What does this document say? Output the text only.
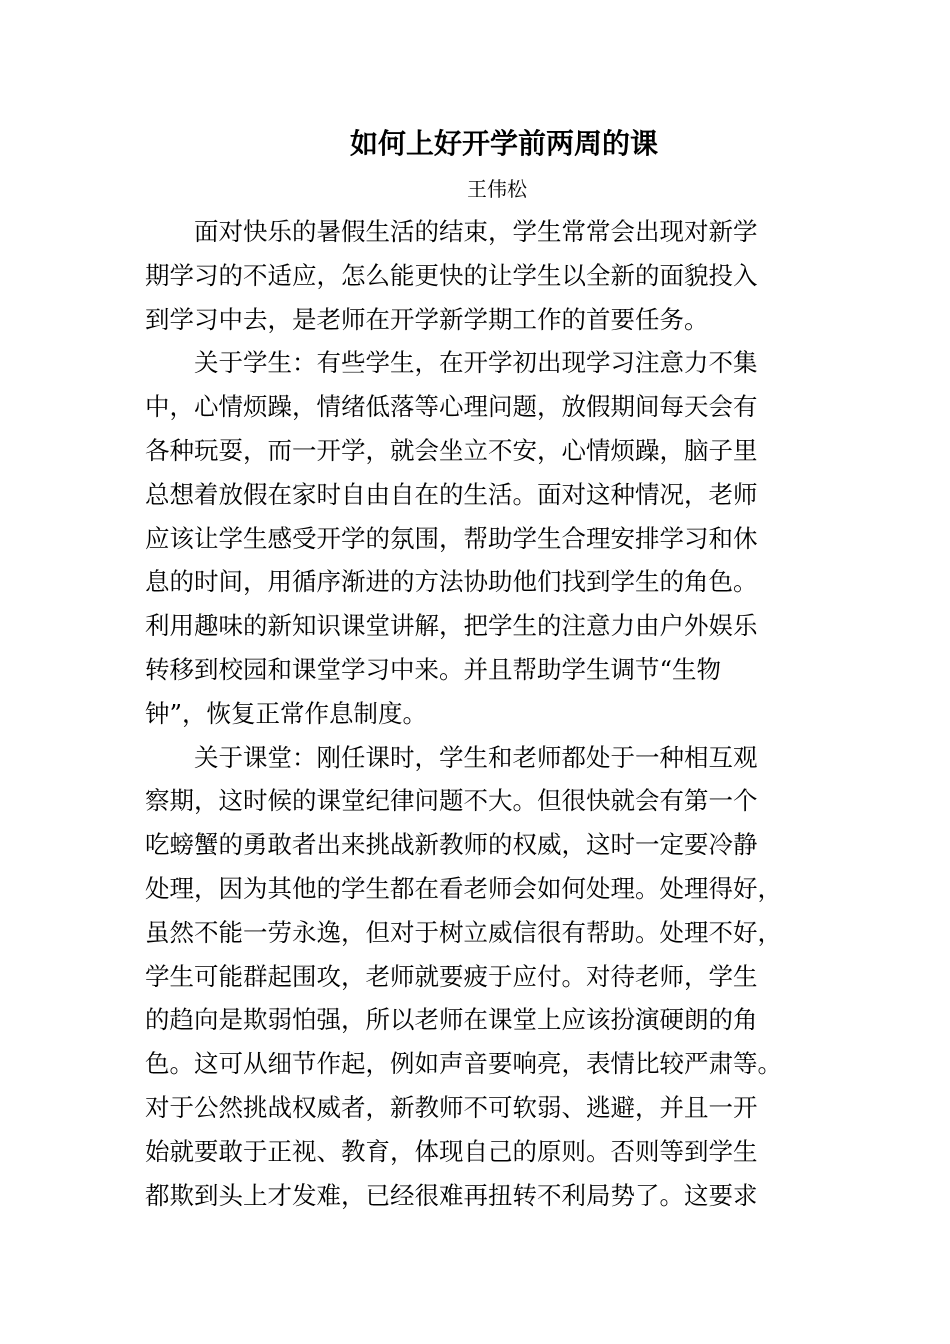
如何上好开学前两周的课
王伟松
面对快乐的暑假生活的结束，学生常常会出现对新学
期学习的不适应，怎么能更快的让学生以全新的面貌投入
到学习中去，是老师在开学新学期工作的首要任务。
关于学生：有些学生，在开学初出现学习注意力不集
中，心情烦躁，情绪低落等心理问题，放假期间每天会有
各种玩耍，而一开学，就会坐立不安，心情烦躁，脑子里
总想着放假在家时自由自在的生活。面对这种情况，老师
应该让学生感受开学的氛围，帮助学生合理安排学习和休
息的时间，用循序渐进的方法协助他们找到学生的角色。
利用趣味的新知识课堂讲解，把学生的注意力由户外娱乐
转移到校园和课堂学习中来。并且帮助学生调节“生物
钟”，恢复正常作息制度。
关于课堂：刚任课时，学生和老师都处于一种相互观
察期，这时候的课堂纪律问题不大。但很快就会有第一个
吃螃蟹的勇敢者出来挑战新教师的权威，这时一定要冷静
处理，因为其他的学生都在看老师会如何处理。处理得好，
虽然不能一劳永逸，但对于树立威信很有帮助。处理不好，
学生可能群起围攻，老师就要疲于应付。对待老师，学生
的趋向是欺弱怕强，所以老师在课堂上应该扮演硬朗的角
色。这可从细节作起，例如声音要响亮，表情比较严肃等。
对于公然挑战权威者，新教师不可软弱、逃避，并且一开
始就要敢于正视、教育，体现自己的原则。否则等到学生
都欺到头上才发难，已经很难再扭转不利局势了。这要求
